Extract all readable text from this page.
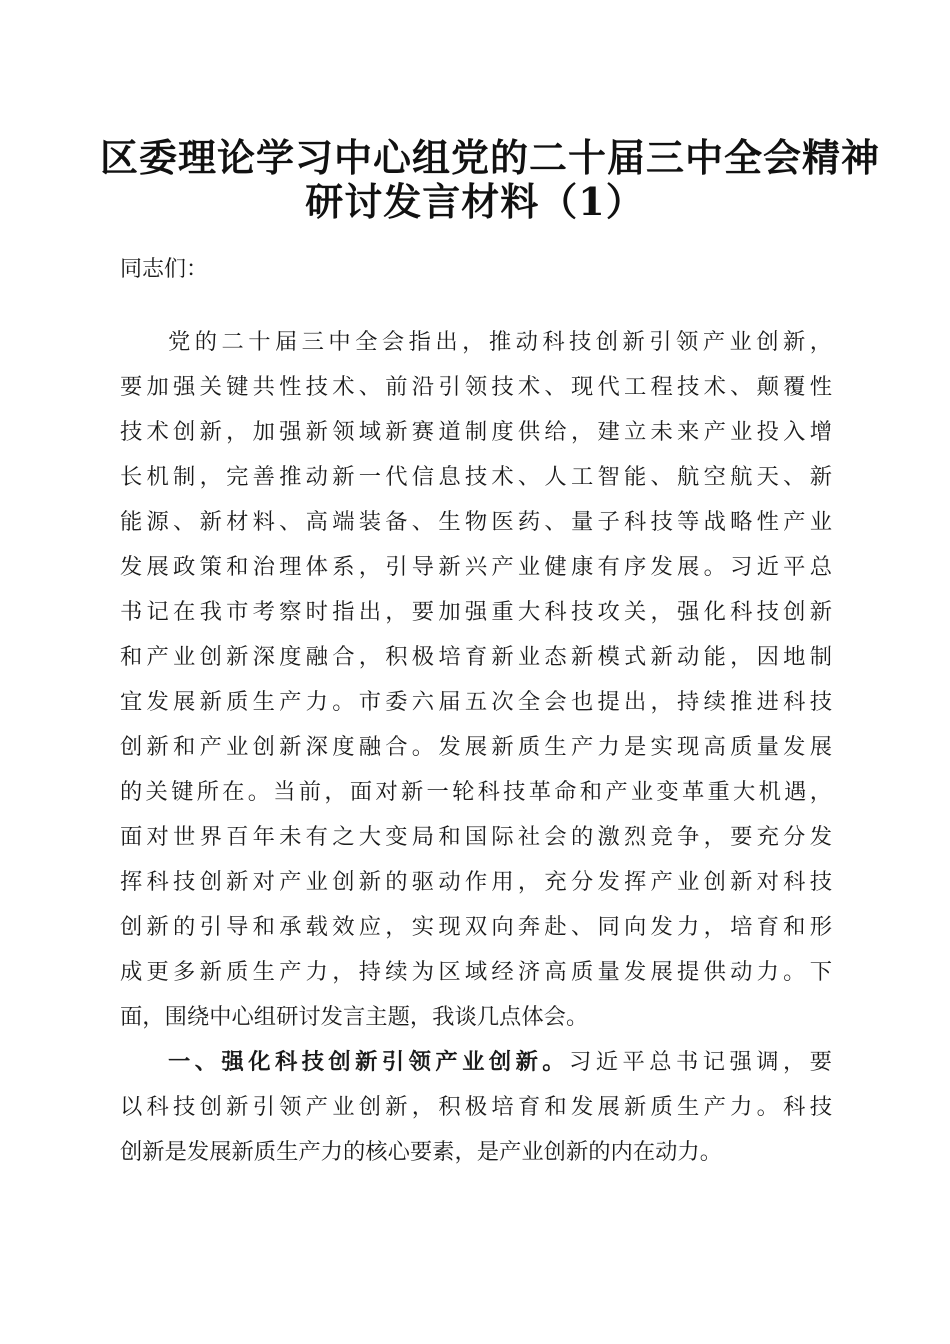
区委理论学习中心组党的二十届三中全会精神
研讨发言材料（1）
同志们：
党的二十届三中全会指出，推动科技创新引领产业创新，
要加强关键共性技术、前沿引领技术、现代工程技术、颠覆性
技术创新，加强新领域新赛道制度供给，建立未来产业投入增
长机制，完善推动新一代信息技术、人工智能、航空航天、新
能源、新材料、高端装备、生物医药、量子科技等战略性产业
发展政策和治理体系，引导新兴产业健康有序发展。习近平总
书记在我市考察时指出，要加强重大科技攻关，强化科技创新
和产业创新深度融合，积极培育新业态新模式新动能，因地制
宜发展新质生产力。市委六届五次全会也提出，持续推进科技
创新和产业创新深度融合。发展新质生产力是实现高质量发展
的关键所在。当前，面对新一轮科技革命和产业变革重大机遇，
面对世界百年未有之大变局和国际社会的激烈竞争，要充分发
挥科技创新对产业创新的驱动作用，充分发挥产业创新对科技
创新的引导和承载效应，实现双向奔赴、同向发力，培育和形
成更多新质生产力，持续为区域经济高质量发展提供动力。下
面，围绕中心组研讨发言主题，我谈几点体会。
一、强化科技创新引领产业创新。习近平总书记强调，要
以科技创新引领产业创新，积极培育和发展新质生产力。科技
创新是发展新质生产力的核心要素，是产业创新的内在动力。
